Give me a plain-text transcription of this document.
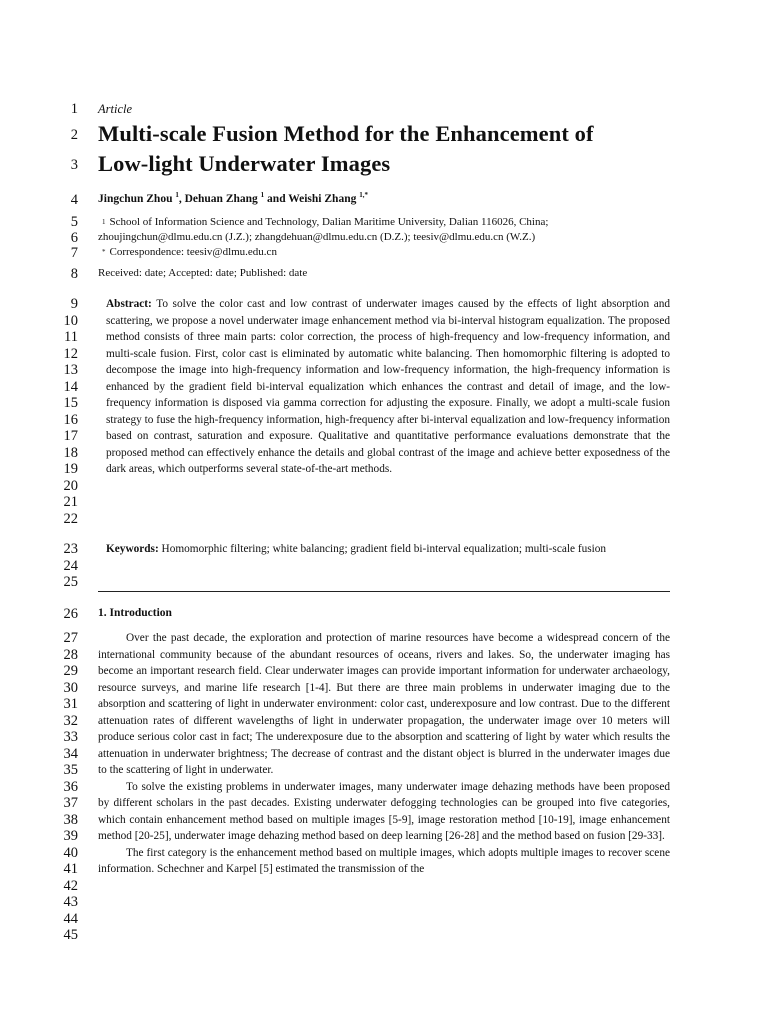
1
2
3
4
5
6
7
8
9
10
11
12
13
14
15
16
17
18
19
20
21
22
23
24
25
26
27
28
29
30
31
32
33
34
35
36
37
38
39
40
41
42
43
44
45
Article
Multi-scale Fusion Method for the Enhancement of
Low-light Underwater Images
Jingchun Zhou $^1$, Dehuan Zhang $^1$ and Weishi Zhang $^{1,*}$
$^1$ School of Information Science and Technology, Dalian Maritime University, Dalian 116026, China;
zhoujingchun@dlmu.edu.cn (J.Z.); zhangdehuan@dlmu.edu.cn (D.Z.); teesiv@dlmu.edu.cn (W.Z.)
* Correspondence: teesiv@dlmu.edu.cn
Received: date; Accepted: date; Published: date
Abstract: To solve the color cast and low contrast of underwater images caused by the effects of light absorption and scattering, we propose a novel underwater image enhancement method via bi-interval histogram equalization. The proposed method consists of three main parts: color correction, the process of high-frequency and low-frequency information, and multi-scale fusion. First, color cast is eliminated by automatic white balancing. Then homomorphic filtering is adopted to decompose the image into high-frequency information and low-frequency information, the high-frequency information is enhanced by the gradient field bi-interval equalization which enhances the contrast and detail of image, and the low-frequency information is disposed via gamma correction for adjusting the exposure. Finally, we adopt a multi-scale fusion strategy to fuse the high-frequency information, high-frequency after bi-interval equalization and low-frequency information based on contrast, saturation and exposure. Qualitative and quantitative performance evaluations demonstrate that the proposed method can effectively enhance the details and global contrast of the image and achieve better exposedness of the dark areas, which outperforms several state-of-the-art methods.
Keywords: Homomorphic filtering; white balancing; gradient field bi-interval equalization; multi-scale fusion
1. Introduction
Over the past decade, the exploration and protection of marine resources have become a widespread concern of the international community because of the abundant resources of oceans, rivers and lakes. So, the underwater imaging has become an important research field. Clear underwater images can provide important information for underwater archaeology, resource surveys, and marine life research [1-4]. But there are three main problems in underwater imaging due to the absorption and scattering of light in underwater environment: color cast, underexposure and low contrast. Due to the different attenuation rates of different wavelengths of light in underwater propagation, the underwater image over 10 meters will produce serious color cast in fact; The underexposure due to the absorption and scattering of light by water which results the attenuation in underwater brightness; The decrease of contrast and the distant object is blurred in the underwater images due to the scattering of light in underwater.
To solve the existing problems in underwater images, many underwater image dehazing methods have been proposed by different scholars in the past decades. Existing underwater defogging technologies can be grouped into five categories, which contain enhancement method based on multiple images [5-9], image restoration method [10-19], image enhancement method [20-25], underwater image dehazing method based on deep learning [26-28] and the method based on fusion [29-33].
The first category is the enhancement method based on multiple images, which adopts multiple images to recover scene information. Schechner and Karpel [5] estimated the transmission of the
